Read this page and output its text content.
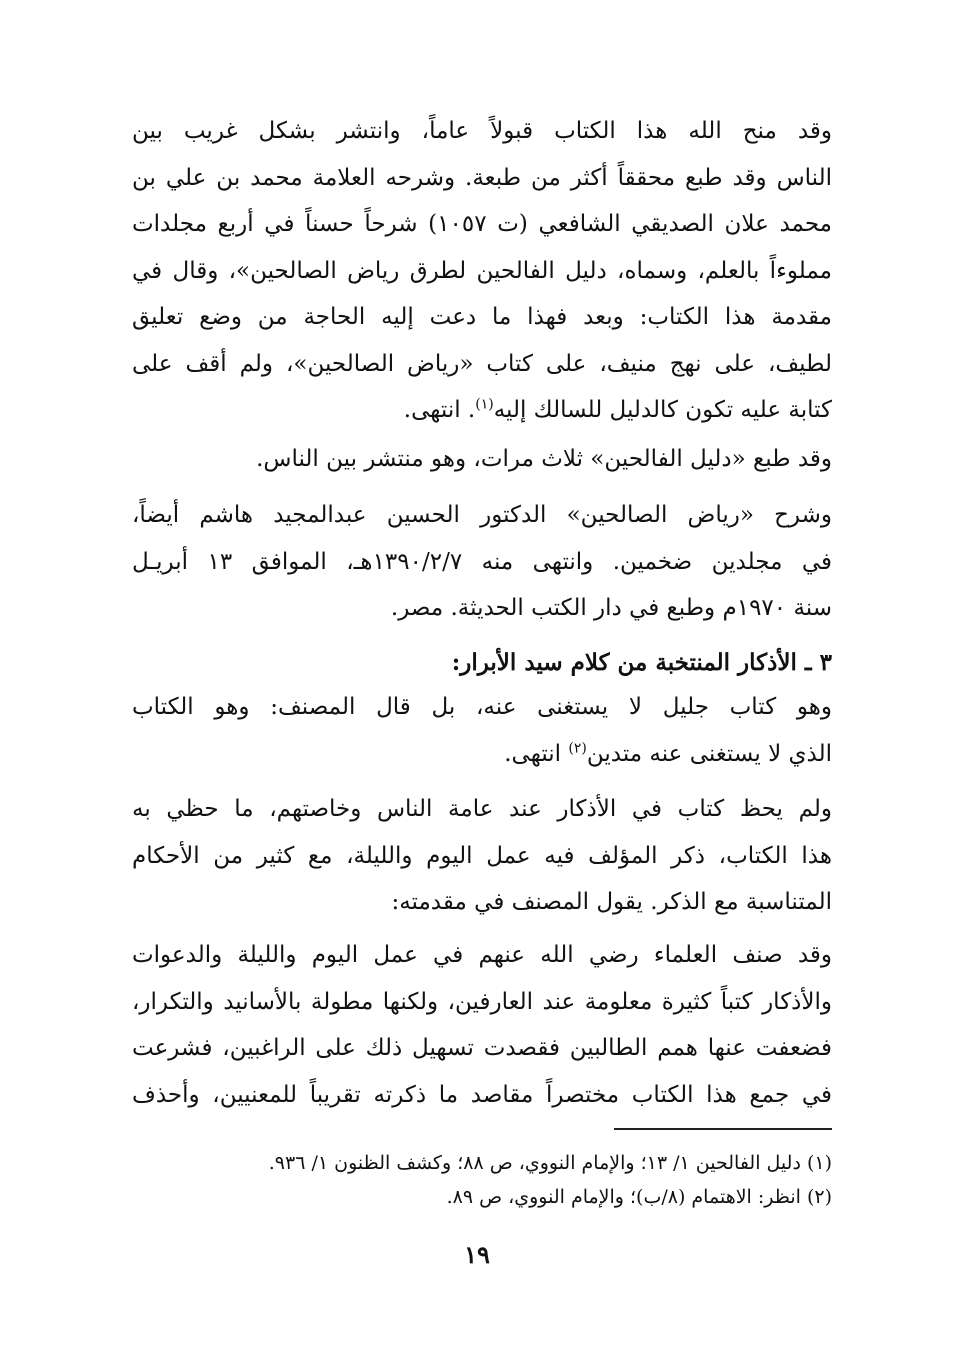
وقد منح الله هذا الكتاب قبولاً عاماً، وانتشر بشكل غريب بين
الناس وقد طبع محققاً أكثر من طبعة. وشرحه العلامة محمد بن علي بن
محمد علان الصديقي الشافعي (ت ١٠٥٧) شرحاً حسناً في أربع مجلدات
مملوءاً بالعلم، وسماه، دليل الفالحين لطرق رياض الصالحين»، وقال في
مقدمة هذا الكتاب: وبعد فهذا ما دعت إليه الحاجة من وضع تعليق
لطيف، على نهج منيف، على كتاب «رياض الصالحين»، ولم أقف على
كتابة عليه تكون كالدليل للسالك إليه$^{(١)}$. انتهى.
وقد طبع «دليل الفالحين» ثلاث مرات، وهو منتشر بين الناس.
وشرح «رياض الصالحين» الدكتور الحسين عبدالمجيد هاشم أيضاً،
في مجلدين ضخمين. وانتهى منه ١٣٩٠/٢/٧هـ، الموافق ١٣ أبريـل
سنة ١٩٧٠م وطبع في دار الكتب الحديثة. مصر.
٣ ـ الأذكار المنتخبة من كلام سيد الأبرار:
وهو كتاب جليل لا يستغنى عنه، بل قال المصنف: وهو الكتاب
الذي لا يستغنى عنه متدين$^{(٢)}$ انتهى.
ولم يحظ كتاب في الأذكار عند عامة الناس وخاصتهم، ما حظي به
هذا الكتاب، ذكر المؤلف فيه عمل اليوم والليلة، مع كثير من الأحكام
المتناسبة مع الذكر. يقول المصنف في مقدمته:
وقد صنف العلماء رضي الله عنهم في عمل اليوم والليلة والدعوات
والأذكار كتباً كثيرة معلومة عند العارفين، ولكنها مطولة بالأسانيد والتكرار،
فضعفت عنها همم الطالبين فقصدت تسهيل ذلك على الراغبين، فشرعت
في جمع هذا الكتاب مختصراً مقاصد ما ذكرته تقريباً للمعنيين، وأحذف
(١) دليل الفالحين ١/ ١٣؛ والإمام النووي، ص ٨٨؛ وكشف الظنون ١/ ٩٣٦.
(٢) انظر: الاهتمام (٨/ب)؛ والإمام النووي، ص ٨٩.
١٩
